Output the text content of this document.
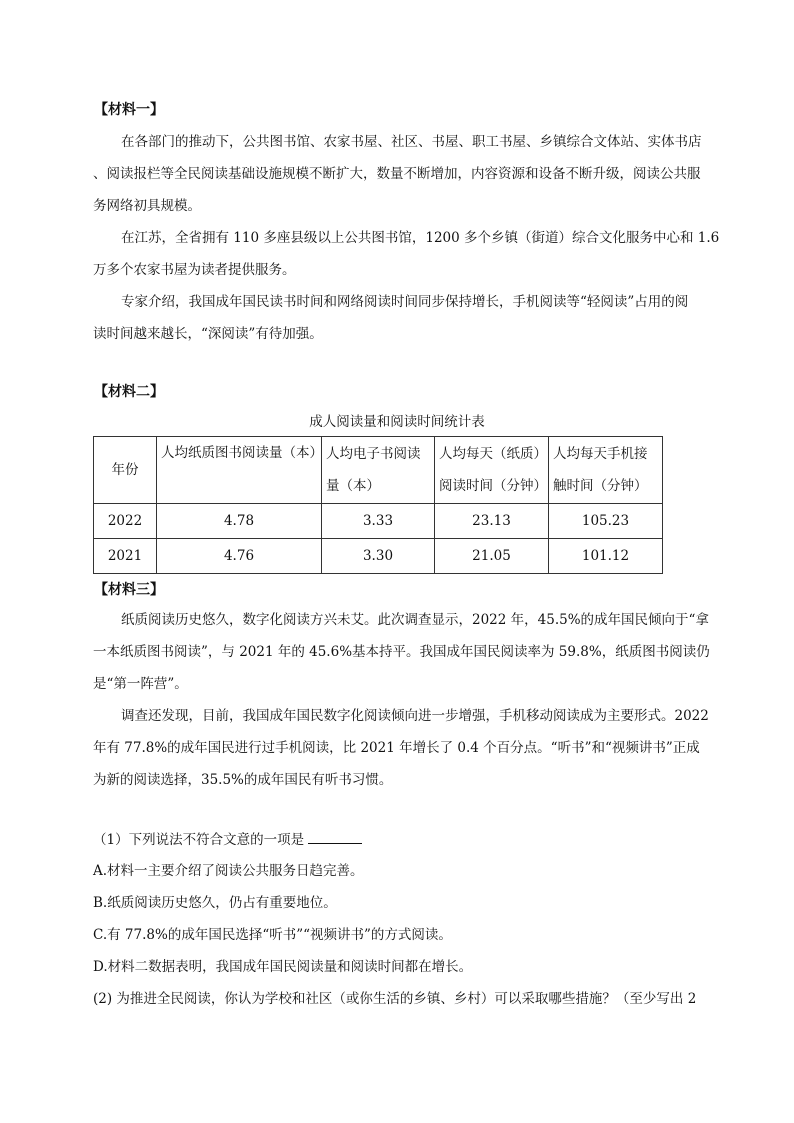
【材料一】
在各部门的推动下，公共图书馆、农家书屋、社区、书屋、职工书屋、乡镇综合文体站、实体书店
、阅读报栏等全民阅读基础设施规模不断扩大，数量不断增加，内容资源和设备不断升级，阅读公共服
务网络初具规模。
在江苏，全省拥有 110 多座县级以上公共图书馆，1200 多个乡镇（街道）综合文化服务中心和 1.6
万多个农家书屋为读者提供服务。
专家介绍，我国成年国民读书时间和网络阅读时间同步保持增长，手机阅读等“轻阅读”占用的阅
读时间越来越长，“深阅读”有待加强。
【材料二】
成人阅读量和阅读时间统计表
年份	人均纸质图书阅读量（本）	人均电子书阅读量（本）	人均每天（纸质）阅读时间（分钟）	人均每天手机接触时间（分钟）
2022	4.78	3.33	23.13	105.23
2021	4.76	3.30	21.05	101.12
【材料三】
纸质阅读历史悠久，数字化阅读方兴未艾。此次调查显示，2022 年，45.5%的成年国民倾向于“拿
一本纸质图书阅读”，与 2021 年的 45.6%基本持平。我国成年国民阅读率为 59.8%，纸质图书阅读仍
是“第一阵营”。
调查还发现，目前，我国成年国民数字化阅读倾向进一步增强，手机移动阅读成为主要形式。2022
年有 77.8%的成年国民进行过手机阅读，比 2021 年增长了 0.4 个百分点。“听书”和“视频讲书”正成
为新的阅读选择，35.5%的成年国民有听书习惯。
（1）下列说法不符合文意的一项是
A.材料一主要介绍了阅读公共服务日趋完善。
B.纸质阅读历史悠久，仍占有重要地位。
C.有 77.8%的成年国民选择“听书”“视频讲书”的方式阅读。
D.材料二数据表明，我国成年国民阅读量和阅读时间都在增长。
(2) 为推进全民阅读，你认为学校和社区（或你生活的乡镇、乡村）可以采取哪些措施？（至少写出 2
